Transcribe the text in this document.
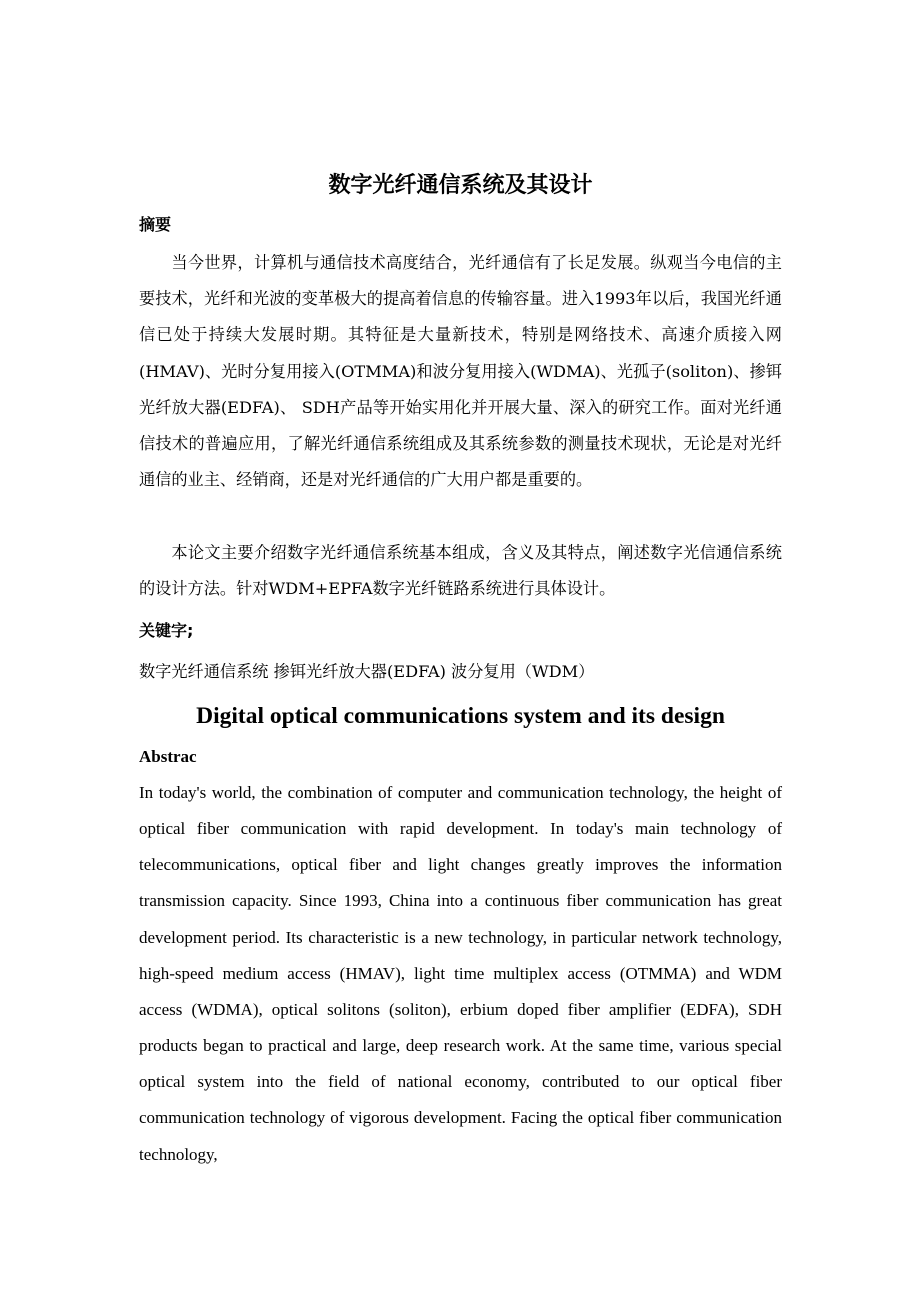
数字光纤通信系统及其设计
摘要

当今世界，计算机与通信技术高度结合，光纤通信有了长足发展。纵观当今电信的主要技术，光纤和光波的变革极大的提高着信息的传输容量。进入1993年以后，我国光纤通信已处于持续大发展时期。其特征是大量新技术，特别是网络技术、高速介质接入网(HMAV)、光时分复用接入(OTMMA)和波分复用接入(WDMA)、光孤子(soliton)、掺铒光纤放大器(EDFA)、 SDH产品等开始实用化并开展大量、深入的研究工作。面对光纤通信技术的普遍应用，了解光纤通信系统组成及其系统参数的测量技术现状，无论是对光纤通信的业主、经销商，还是对光纤通信的广大用户都是重要的。

本论文主要介绍数字光纤通信系统基本组成，含义及其特点，阐述数字光信通信系统的设计方法。针对WDM+EPFA数字光纤链路系统进行具体设计。

关键字;

数字光纤通信系统 掺铒光纤放大器(EDFA) 波分复用（WDM）

Digital optical communications system and its design
Abstrac

In today's world, the combination of computer and communication technology, the height of optical fiber communication with rapid development. In today's main technology of telecommunications, optical fiber and light changes greatly improves the information transmission capacity. Since 1993, China into a continuous fiber communication has great development period. Its characteristic is a new technology, in particular network technology, high-speed medium access (HMAV), light time multiplex access (OTMMA) and WDM access (WDMA), optical solitons (soliton), erbium doped fiber amplifier (EDFA), SDH products began to practical and large, deep research work. At the same time, various special optical system into the field of national economy, contributed to our optical fiber communication technology of vigorous development. Facing the optical fiber communication technology,
